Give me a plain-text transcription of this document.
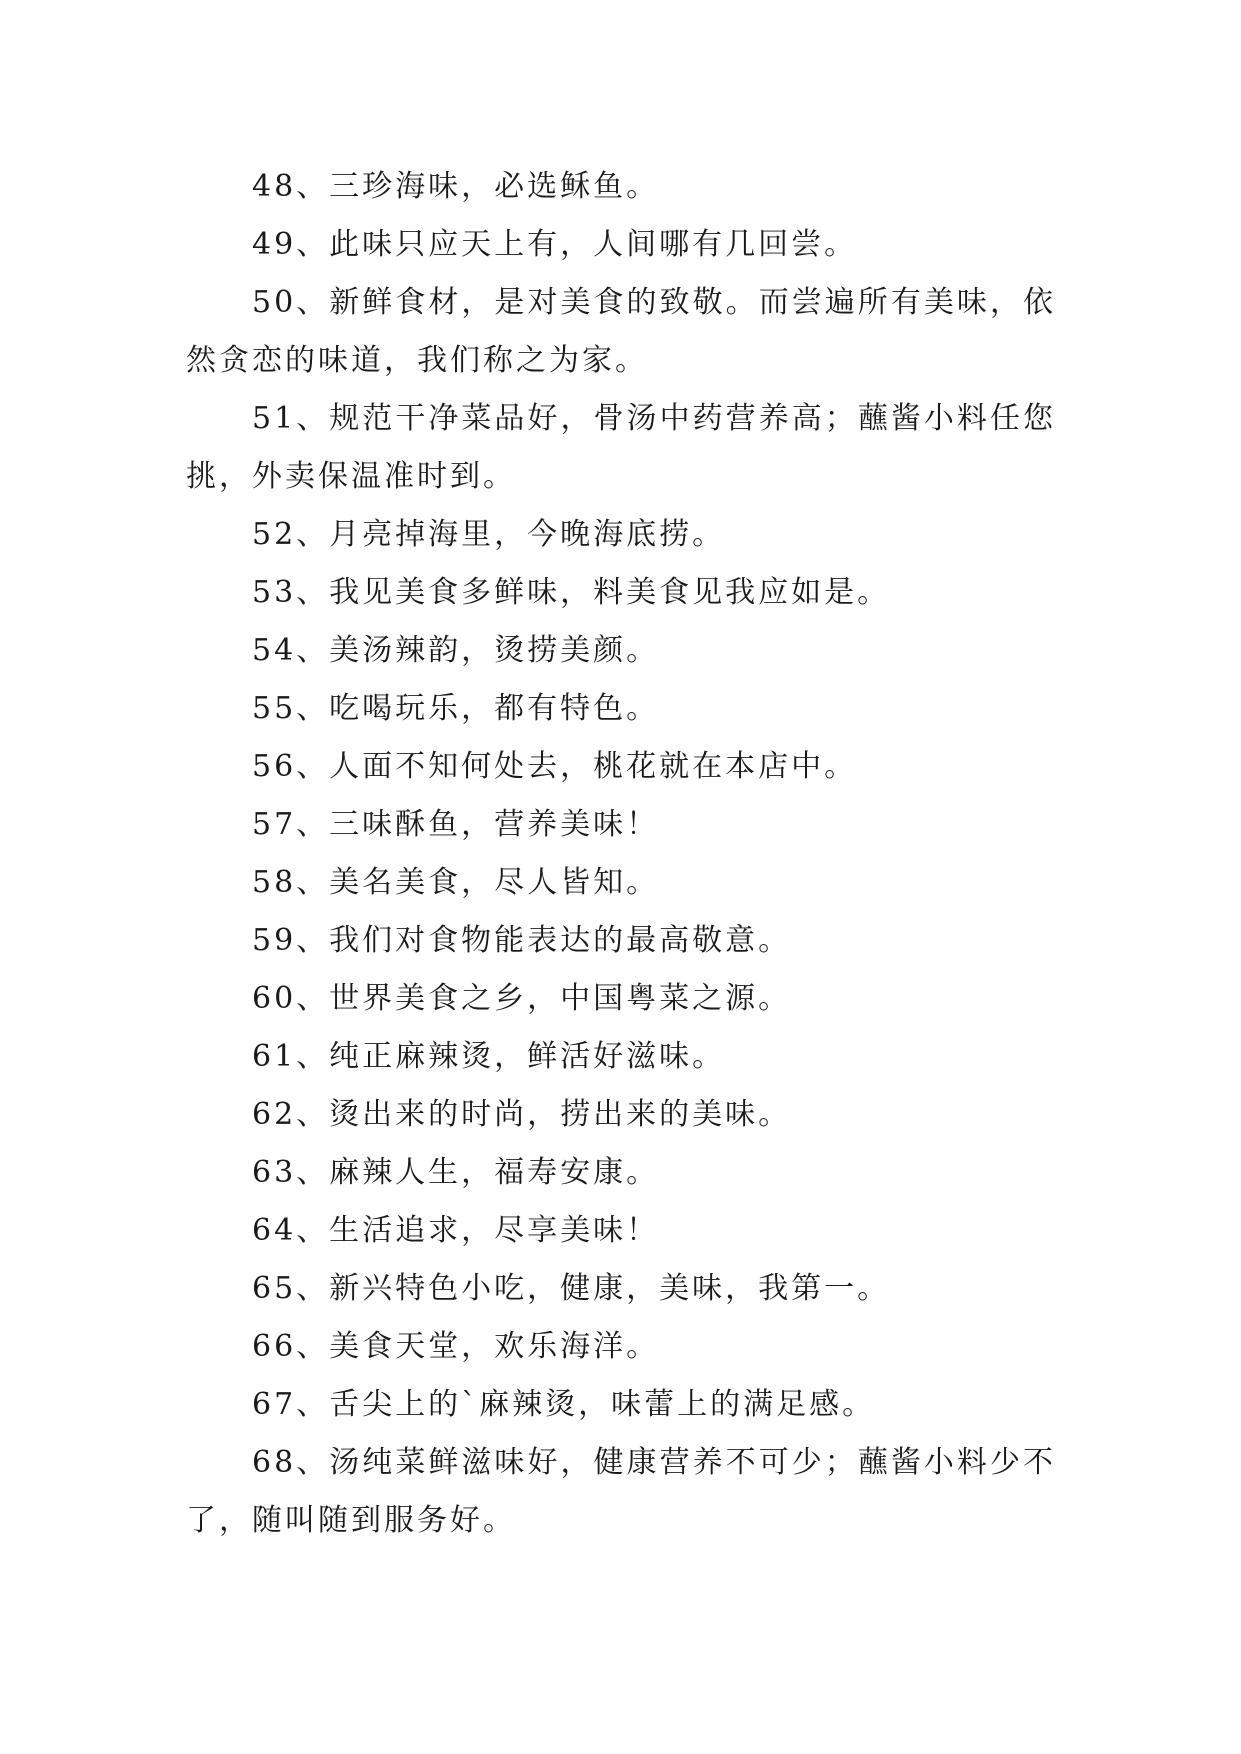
48、三珍海味，必选稣鱼。

49、此味只应天上有，人间哪有几回尝。

50、新鲜食材，是对美食的致敬。而尝遍所有美味，依然贪恋的味道，我们称之为家。

51、规范干净菜品好，骨汤中药营养高；蘸酱小料任您挑，外卖保温准时到。

52、月亮掉海里，今晚海底捞。

53、我见美食多鲜味，料美食见我应如是。

54、美汤辣韵，烫捞美颜。

55、吃喝玩乐，都有特色。

56、人面不知何处去，桃花就在本店中。

57、三味酥鱼，营养美味！

58、美名美食，尽人皆知。

59、我们对食物能表达的最高敬意。

60、世界美食之乡，中国粤菜之源。

61、纯正麻辣烫，鲜活好滋味。

62、烫出来的时尚，捞出来的美味。

63、麻辣人生，福寿安康。

64、生活追求，尽享美味！

65、新兴特色小吃，健康，美味，我第一。

66、美食天堂，欢乐海洋。

67、舌尖上的`麻辣烫，味蕾上的满足感。

68、汤纯菜鲜滋味好，健康营养不可少；蘸酱小料少不了，随叫随到服务好。
